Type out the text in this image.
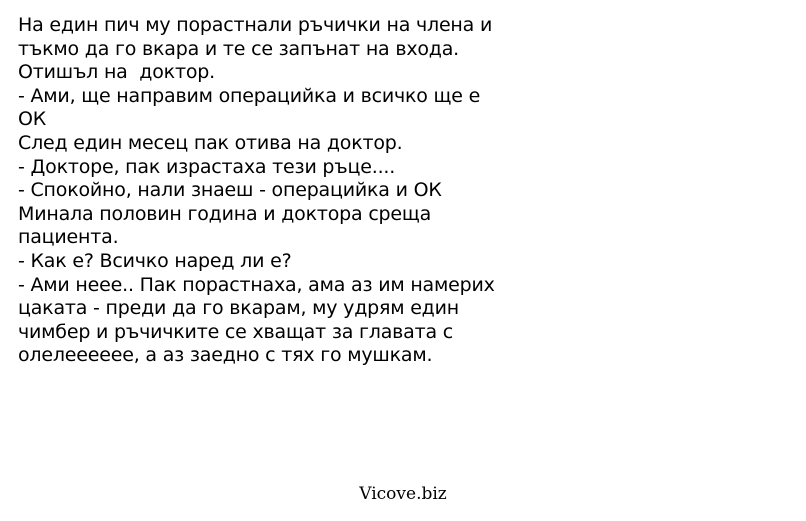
На един пич му порастнали ръчички на члена и
тъкмо да го вкара и те се запънат на входа.
Отишъл на  доктор.
- Ами, ще направим операцийка и всичко ще е
ОК
След един месец пак отива на доктор.
- Докторе, пак израстаха тези ръце....
- Спокойно, нали знаеш - операцийка и ОК
Минала половин година и доктора среща
пациента.
- Как е? Всичко наред ли е?
- Ами нeee.. Пак порастнаха, ама аз им намерих
цаката - преди да го вкарам, му удрям един
чимбер и ръчичките се хващат за главата с
олелеееeeе, а аз заедно с тях го мушкам.
Vicove.biz
